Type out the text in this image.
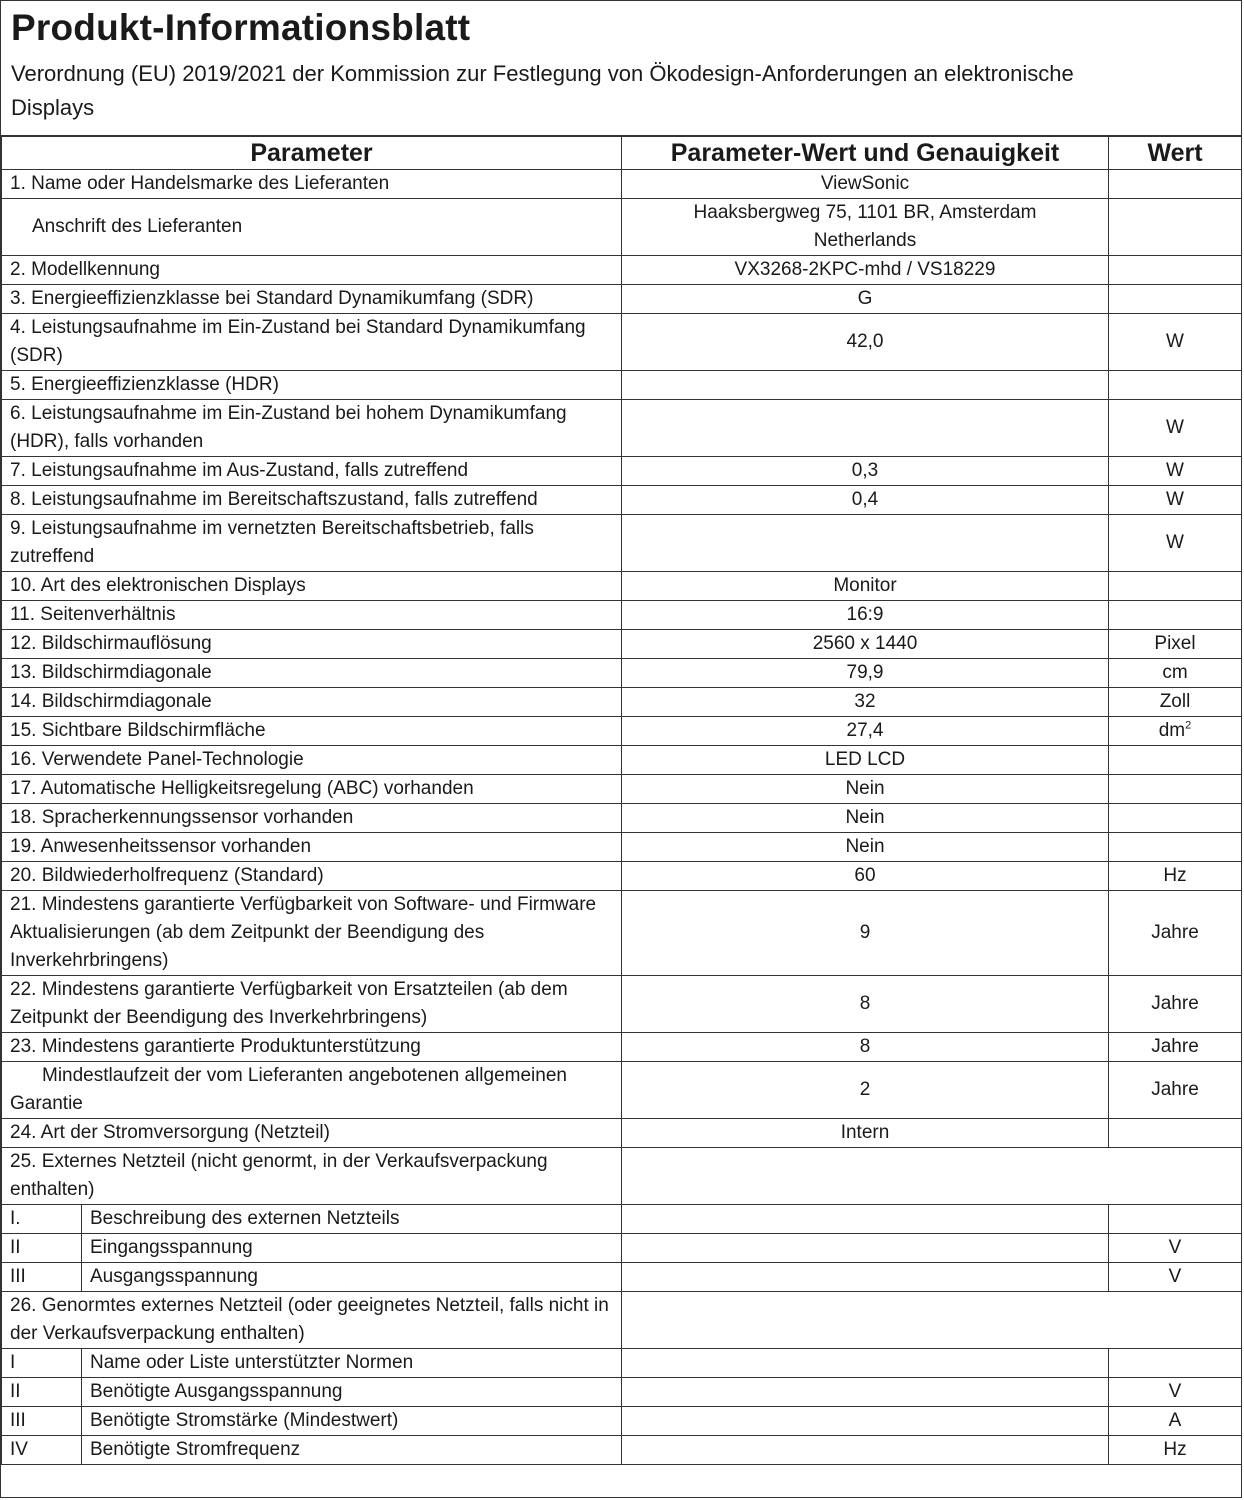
Produkt-Informationsblatt
Verordnung (EU) 2019/2021 der Kommission zur Festlegung von Ökodesign-Anforderungen an elektronische Displays
Parameter		Parameter-Wert und Genauigkeit	Wert
1. Name oder Handelsmarke des Lieferanten		ViewSonic	
Anschrift des Lieferanten		Haaksbergweg 75, 1101 BR, Amsterdam Netherlands	
2. Modellkennung		VX3268-2KPC-mhd / VS18229	
3. Energieeffizienzklasse bei Standard Dynamikumfang (SDR)		G	
4. Leistungsaufnahme im Ein-Zustand bei Standard Dynamikumfang (SDR)		42,0	W
5. Energieeffizienzklasse (HDR)			
6. Leistungsaufnahme im Ein-Zustand bei hohem Dynamikumfang (HDR), falls vorhanden			W
7. Leistungsaufnahme im Aus-Zustand, falls zutreffend		0,3	W
8. Leistungsaufnahme im Bereitschaftszustand, falls zutreffend		0,4	W
9. Leistungsaufnahme im vernetzten Bereitschaftsbetrieb, falls zutreffend			W
10. Art des elektronischen Displays		Monitor	
11. Seitenverhältnis		16:9	
12. Bildschirmauflösung		2560 x 1440	Pixel
13. Bildschirmdiagonale		79,9	cm
14. Bildschirmdiagonale		32	Zoll
15. Sichtbare Bildschirmfläche		27,4	$dm^2$
16. Verwendete Panel-Technologie		LED LCD	
17. Automatische Helligkeitsregelung (ABC) vorhanden		Nein	
18. Spracherkennungssensor vorhanden		Nein	
19. Anwesenheitssensor vorhanden		Nein	
20. Bildwiederholfrequenz (Standard)		60	Hz
21. Mindestens garantierte Verfügbarkeit von Software- und Firmware Aktualisierungen (ab dem Zeitpunkt der Beendigung des Inverkehrbringens)		9	Jahre
22. Mindestens garantierte Verfügbarkeit von Ersatzteilen (ab dem Zeitpunkt der Beendigung des Inverkehrbringens)		8	Jahre
23. Mindestens garantierte Produktunterstützung		8	Jahre
Mindestlaufzeit der vom Lieferanten angebotenen allgemeinen Garantie		2	Jahre
24. Art der Stromversorgung (Netzteil)		Intern	
25. Externes Netzteil (nicht genormt, in der Verkaufsverpackung enthalten)			
I.	Beschreibung des externen Netzteils		
II	Eingangsspannung		V
III	Ausgangsspannung		V
26. Genormtes externes Netzteil (oder geeignetes Netzteil, falls nicht in der Verkaufsverpackung enthalten)			
I	Name oder Liste unterstützter Normen		
II	Benötigte Ausgangsspannung		V
III	Benötigte Stromstärke (Mindestwert)		A
IV	Benötigte Stromfrequenz		Hz
